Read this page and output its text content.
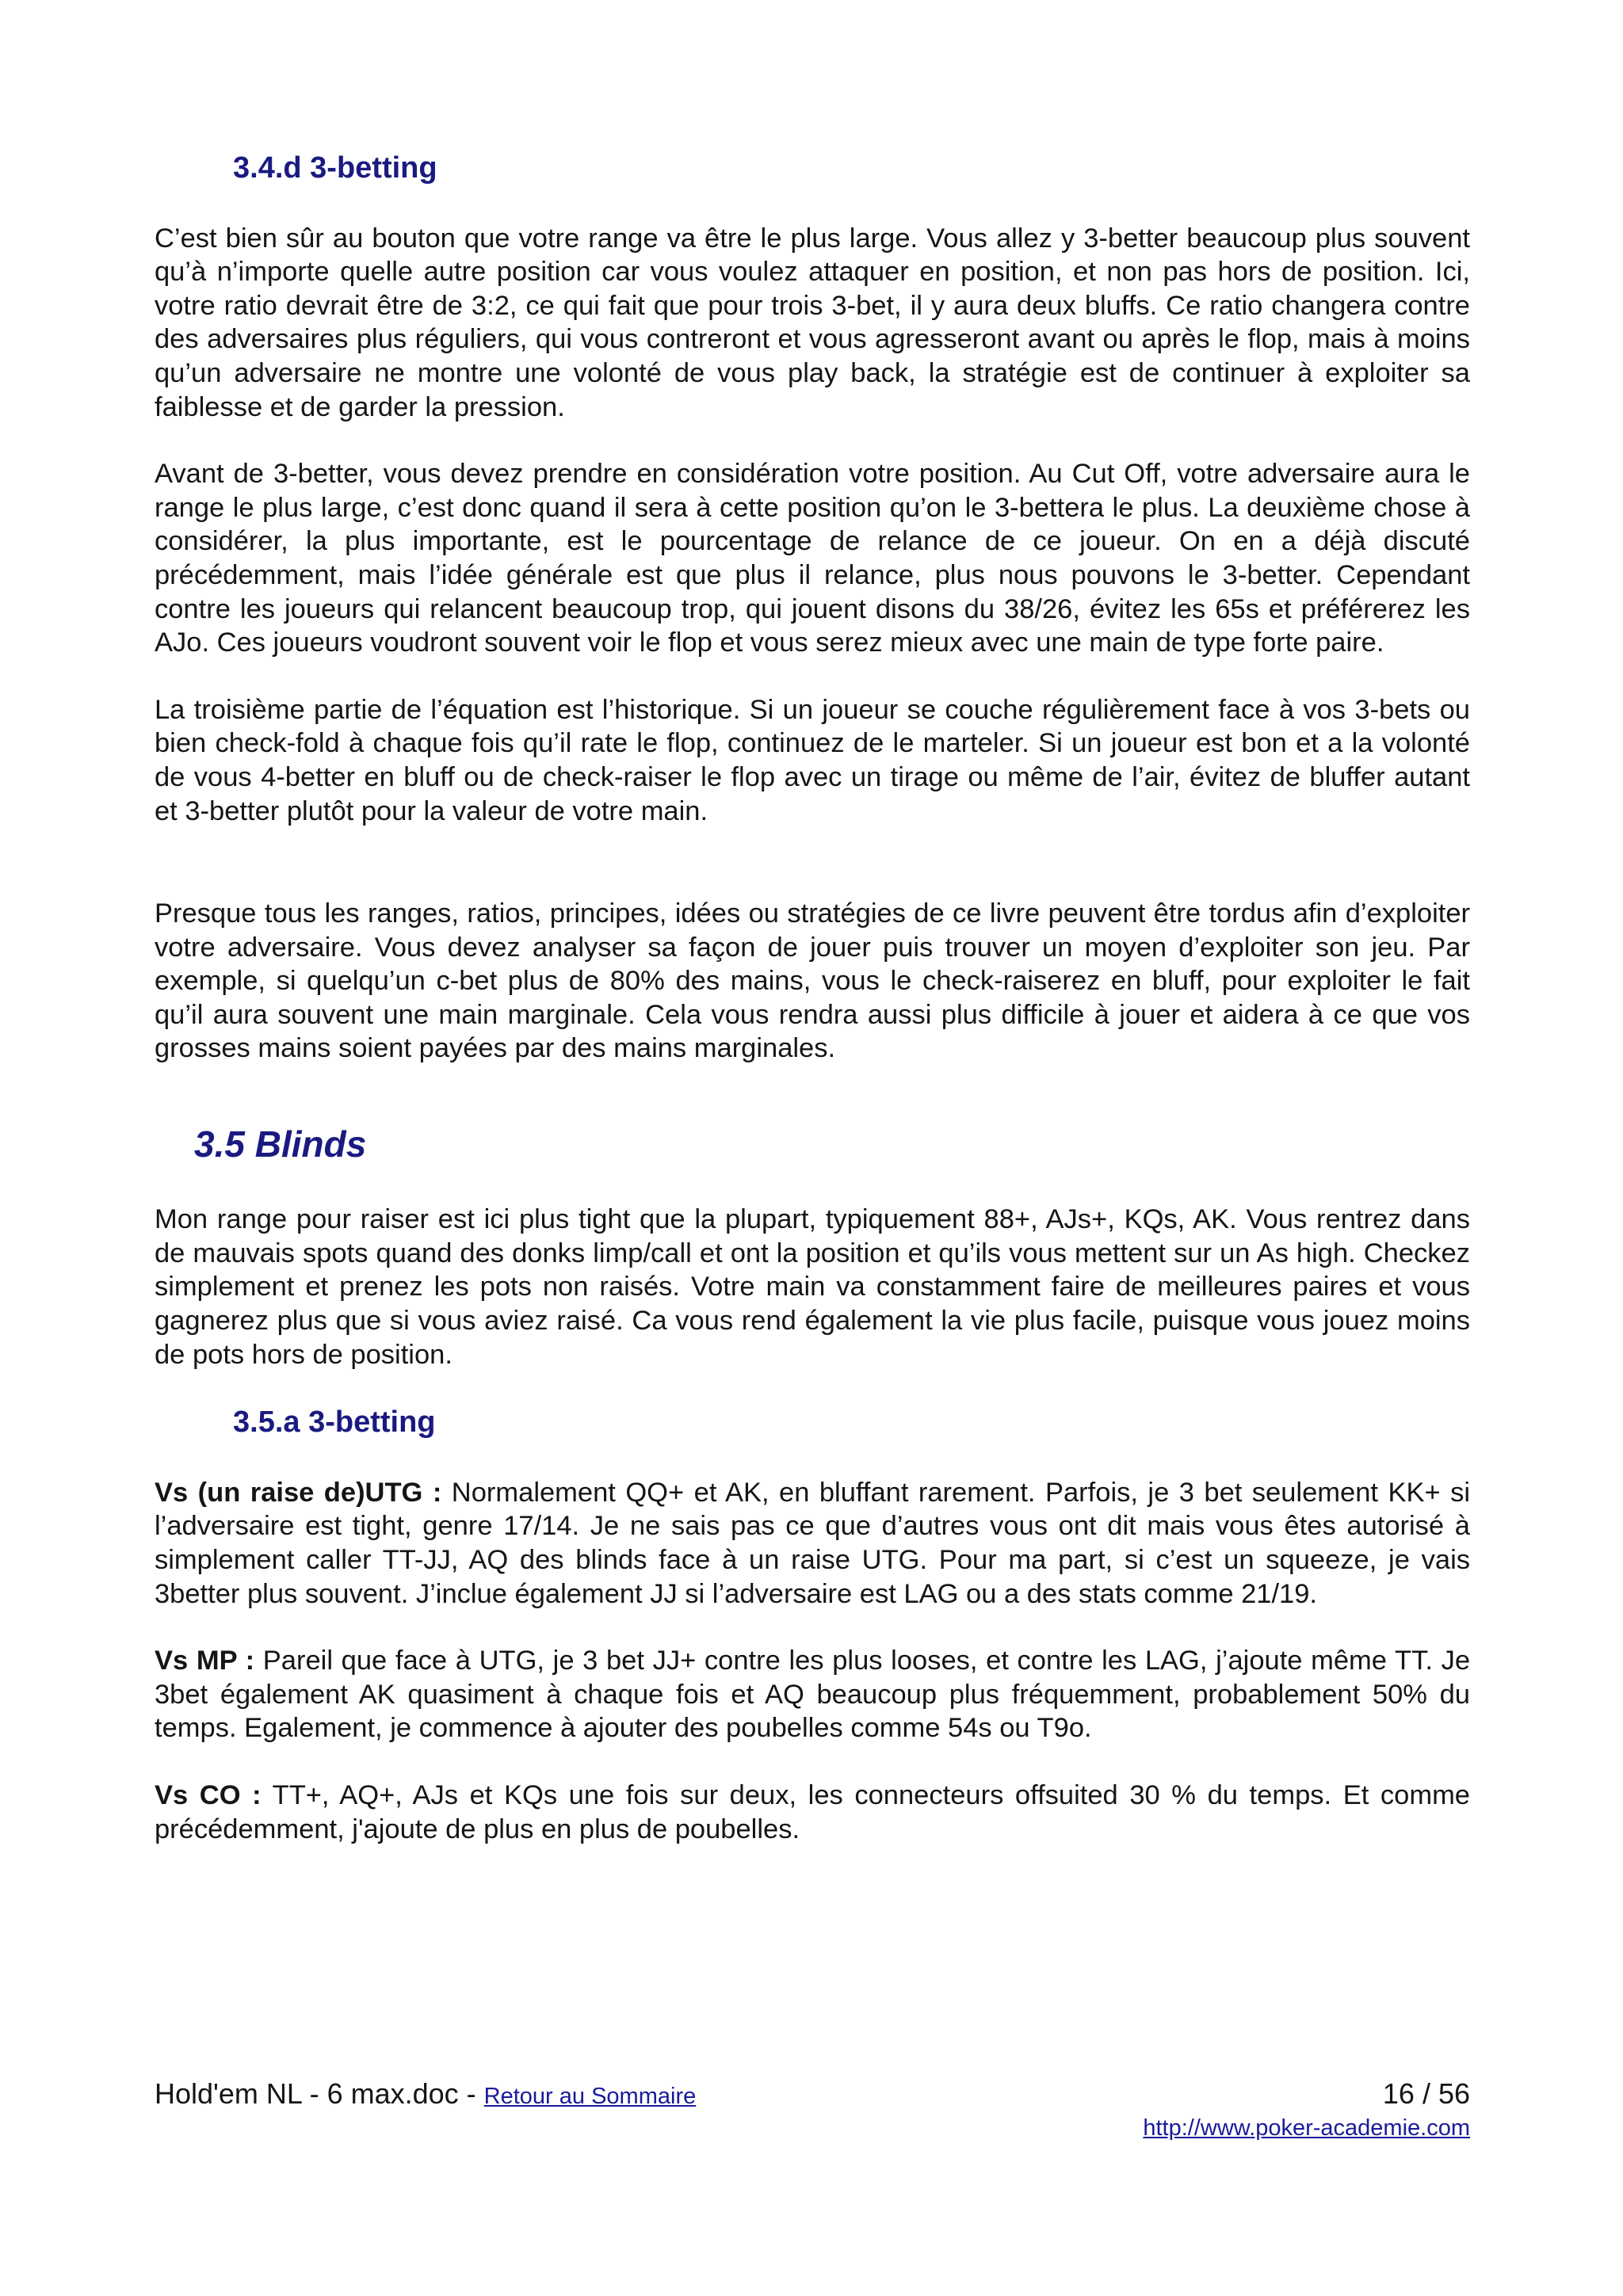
3.4.d 3-betting

C’est bien sûr au bouton que votre range va être le plus large. Vous allez y 3-better beaucoup plus souvent qu’à n’importe quelle autre position car vous voulez attaquer en position, et non pas hors de position. Ici, votre ratio devrait être de 3:2, ce qui fait que pour trois 3-bet, il y aura deux bluffs. Ce ratio changera contre des adversaires plus réguliers, qui vous contreront et vous agresseront avant ou après le flop, mais à moins qu’un adversaire ne montre une volonté de vous play back, la stratégie est de continuer à exploiter sa faiblesse et de garder la pression.

Avant de 3-better, vous devez prendre en considération votre position. Au Cut Off, votre adversaire aura le range le plus large, c’est donc quand il sera à cette position qu’on le 3-bettera le plus. La deuxième chose à considérer, la plus importante, est le pourcentage de relance de ce joueur. On en a déjà discuté précédemment, mais l’idée générale est que plus il relance, plus nous pouvons le 3-better. Cependant contre les joueurs qui relancent beaucoup trop, qui jouent disons du 38/26, évitez les 65s et préférerez les AJo. Ces joueurs voudront souvent voir le flop et vous serez mieux avec une main de type forte paire.

La troisième partie de l’équation est l’historique. Si un joueur se couche régulièrement face à vos 3-bets ou bien check-fold à chaque fois qu’il rate le flop, continuez de le marteler. Si un joueur est bon et a la volonté de vous 4-better en bluff ou de check-raiser le flop avec un tirage ou même de l’air, évitez de bluffer autant et 3-better plutôt pour la valeur de votre main.

Presque tous les ranges, ratios, principes, idées ou stratégies de ce livre peuvent être tordus afin d’exploiter votre adversaire. Vous devez analyser sa façon de jouer puis trouver un moyen d’exploiter son jeu. Par exemple, si quelqu’un c-bet plus de 80% des mains, vous le check-raiserez en bluff, pour exploiter le fait qu’il aura souvent une main marginale. Cela vous rendra aussi plus difficile à jouer et aidera à ce que vos grosses mains soient payées par des mains marginales.

3.5 Blinds

Mon range pour raiser est ici plus tight que la plupart, typiquement 88+, AJs+, KQs, AK. Vous rentrez dans de mauvais spots quand des donks limp/call et ont la position et qu’ils vous mettent sur un As high. Checkez simplement et prenez les pots non raisés. Votre main va constamment faire de meilleures paires et vous gagnerez plus que si vous aviez raisé. Ca vous rend également la vie plus facile, puisque vous jouez moins de pots hors de position.

3.5.a 3-betting

Vs (un raise de)UTG : Normalement QQ+ et AK, en bluffant rarement. Parfois, je 3 bet seulement KK+ si l’adversaire est tight, genre 17/14. Je ne sais pas ce que d’autres vous ont dit mais vous êtes autorisé à simplement caller TT-JJ, AQ des blinds face à un raise UTG. Pour ma part, si c’est un squeeze, je vais 3better plus souvent. J’inclue également JJ si l’adversaire est LAG ou a des stats comme 21/19.

Vs MP : Pareil que face à UTG, je 3 bet JJ+ contre les plus looses, et contre les LAG, j’ajoute même TT. Je 3bet également AK quasiment à chaque fois et AQ beaucoup plus fréquemment, probablement 50% du temps. Egalement, je commence à ajouter des poubelles comme 54s ou T9o.

Vs CO : TT+, AQ+, AJs et KQs une fois sur deux, les connecteurs offsuited 30 % du temps. Et comme précédemment, j'ajoute de plus en plus de poubelles.

Hold'em NL - 6 max.doc - Retour au Sommaire	16 / 56
http://www.poker-academie.com
